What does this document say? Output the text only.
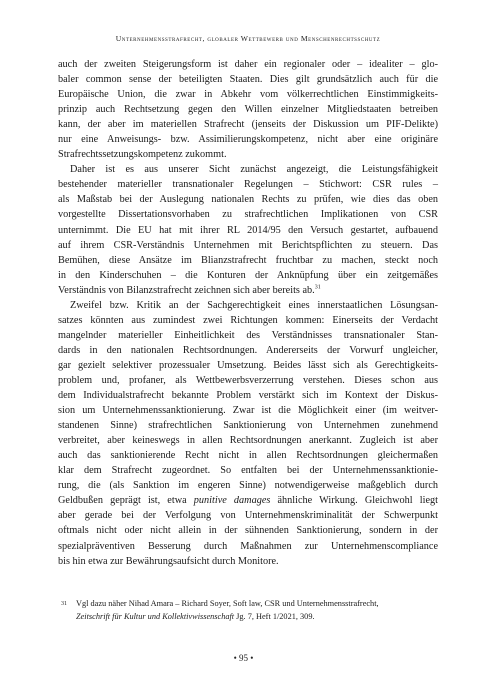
Unternehmensstrafrecht, globaler Wettbewerb und Menschenrechtsschutz

auch der zweiten Steigerungsform ist daher ein regionaler oder – idealiter – glo-
baler common sense der beteiligten Staaten. Dies gilt grundsätzlich auch für die
Europäische Union, die zwar in Abkehr vom völkerrechtlichen Einstimmigkeits-
prinzip auch Rechtsetzung gegen den Willen einzelner Mitgliedstaaten betreiben
kann, der aber im materiellen Strafrecht (jenseits der Diskussion um PIF-Delikte)
nur eine Anweisungs- bzw. Assimilierungskompetenz, nicht aber eine originäre
Strafrechtssetzungskompetenz zukommt.

Daher ist es aus unserer Sicht zunächst angezeigt, die Leistungsfähigkeit
bestehender materieller transnationaler Regelungen – Stichwort: CSR rules –
als Maßstab bei der Auslegung nationalen Rechts zu prüfen, wie dies das oben
vorgestellte Dissertationsvorhaben zu strafrechtlichen Implikationen von CSR
unternimmt. Die EU hat mit ihrer RL 2014/95 den Versuch gestartet, aufbauend
auf ihrem CSR-Verständnis Unternehmen mit Berichtspflichten zu steuern. Das
Bemühen, diese Ansätze im Blianzstrafrecht fruchtbar zu machen, steckt noch
in den Kinderschuhen – die Konturen der Anknüpfung über ein zeitgemäßes
Verständnis von Bilanzstrafrecht zeichnen sich aber bereits ab.$^{31}$

Zweifel bzw. Kritik an der Sachgerechtigkeit eines innerstaatlichen Lösungsan-
satzes könnten aus zumindest zwei Richtungen kommen: Einerseits der Verdacht
mangelnder materieller Einheitlichkeit des Verständnisses transnationaler Stan-
dards in den nationalen Rechtsordnungen. Andererseits der Vorwurf ungleicher,
gar gezielt selektiver prozessualer Umsetzung. Beides lässt sich als Gerechtigkeits-
problem und, profaner, als Wettbewerbsverzerrung verstehen. Dieses schon aus
dem Individualstrafrecht bekannte Problem verstärkt sich im Kontext der Diskus-
sion um Unternehmenssanktionierung. Zwar ist die Möglichkeit einer (im weitver-
standenen Sinne) strafrechtlichen Sanktionierung von Unternehmen zunehmend
verbreitet, aber keineswegs in allen Rechtsordnungen anerkannt. Zugleich ist aber
auch das sanktionierende Recht nicht in allen Rechtsordnungen gleichermaßen
klar dem Strafrecht zugeordnet. So entfalten bei der Unternehmenssanktionie-
rung, die (als Sanktion im engeren Sinne) notwendigerweise maßgeblich durch
Geldbußen geprägt ist, etwa punitive damages ähnliche Wirkung. Gleichwohl liegt
aber gerade bei der Verfolgung von Unternehmenskriminalität der Schwerpunkt
oftmals nicht oder nicht allein in der sühnenden Sanktionierung, sondern in der
spezialpräventiven Besserung durch Maßnahmen zur Unternehmenscompliance
bis hin etwa zur Bewährungsaufsicht durch Monitore.

31 Vgl dazu näher Nihad Amara – Richard Soyer, Soft law, CSR und Unternehmensstrafrecht,
Zeitschrift für Kultur und Kollektivwissenschaft Jg. 7, Heft 1/2021, 309.
• 95 •
